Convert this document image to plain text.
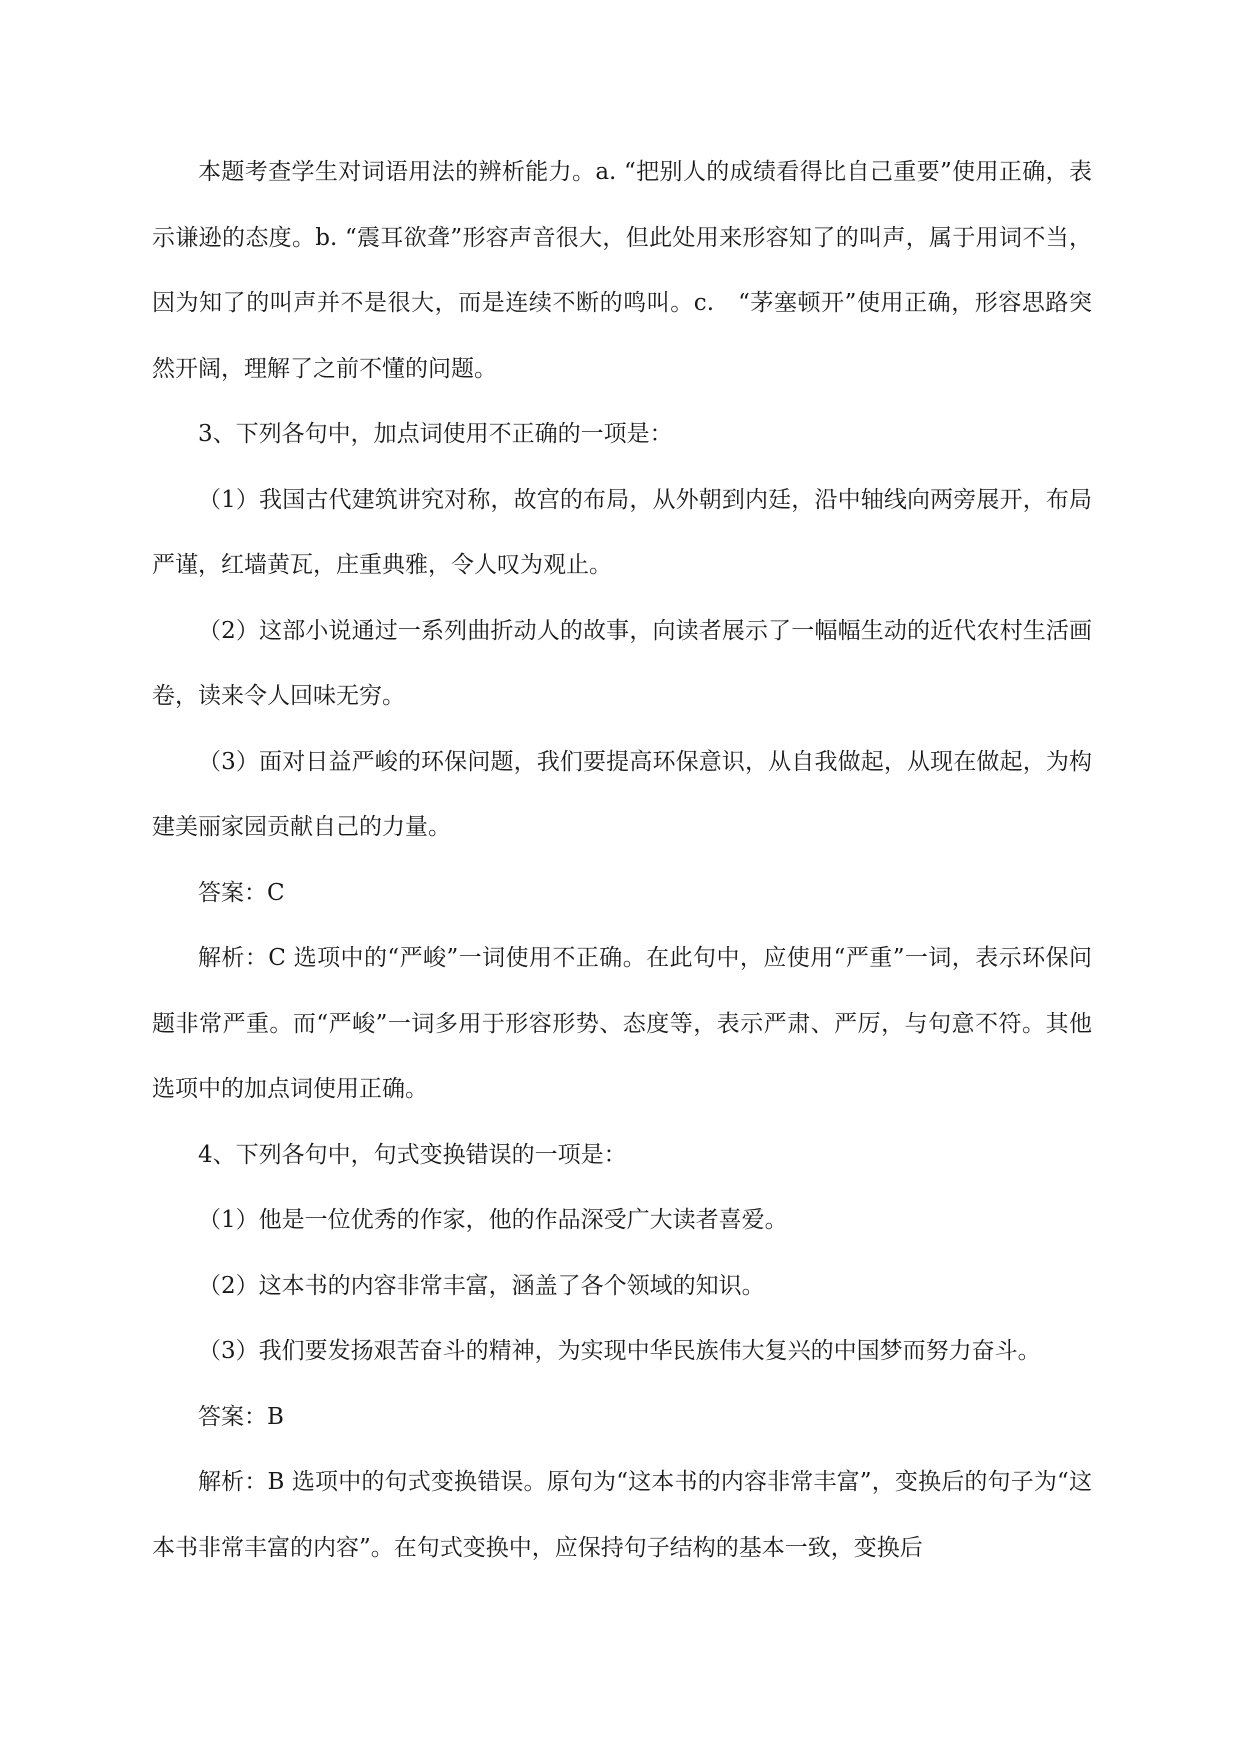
本题考查学生对词语用法的辨析能力。a. “把别人的成绩看得比自己重要”使用正确，表示谦逊的态度。b. “震耳欲聋”形容声音很大，但此处用来形容知了的叫声，属于用词不当，因为知了的叫声并不是很大，而是连续不断的鸣叫。c.　“茅塞顿开”使用正确，形容思路突然开阔，理解了之前不懂的问题。

3、下列各句中，加点词使用不正确的一项是：

（1）我国古代建筑讲究对称，故宫的布局，从外朝到内廷，沿中轴线向两旁展开，布局严谨，红墙黄瓦，庄重典雅，令人叹为观止。

（2）这部小说通过一系列曲折动人的故事，向读者展示了一幅幅生动的近代农村生活画卷，读来令人回味无穷。

（3）面对日益严峻的环保问题，我们要提高环保意识，从自我做起，从现在做起，为构建美丽家园贡献自己的力量。

答案：C

解析：C 选项中的“严峻”一词使用不正确。在此句中，应使用“严重”一词，表示环保问题非常严重。而“严峻”一词多用于形容形势、态度等，表示严肃、严厉，与句意不符。其他选项中的加点词使用正确。

4、下列各句中，句式变换错误的一项是：

（1）他是一位优秀的作家，他的作品深受广大读者喜爱。

（2）这本书的内容非常丰富，涵盖了各个领域的知识。

（3）我们要发扬艰苦奋斗的精神，为实现中华民族伟大复兴的中国梦而努力奋斗。

答案：B

解析：B 选项中的句式变换错误。原句为“这本书的内容非常丰富”，变换后的句子为“这本书非常丰富的内容”。在句式变换中，应保持句子结构的基本一致，变换后
